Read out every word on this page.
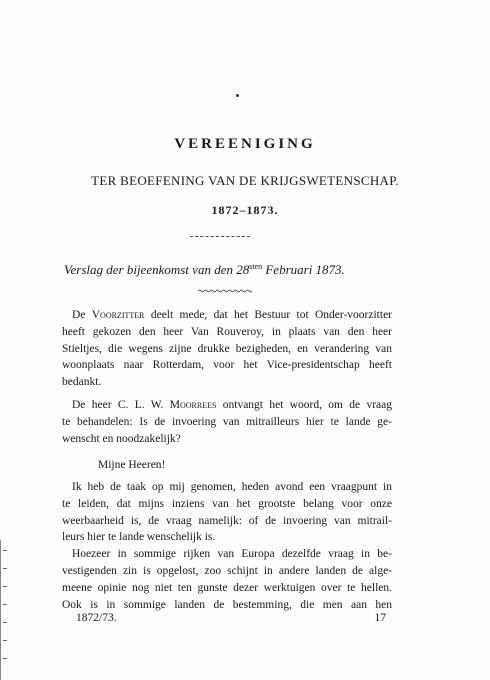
VEREENIGING
TER BEOEFENING VAN DE KRIJGSWETENSCHAP.
1872–1873.
Verslag der bijeenkomst van den $28^{sten}$ Februari 1873.
De Voorzitter deelt mede, dat het Bestuur tot Onder-voorzitter
heeft gekozen den heer Van Rouveroy, in plaats van den heer
Stieltjes, die wegens zijne drukke bezigheden, en verandering van
woonplaats naar Rotterdam, voor het Vice-presidentschap heeft
bedankt.
De heer C. L. W. Moorrees ontvangt het woord, om de vraag
te behandelen: Is de invoering van mitrailleurs hier te lande ge-
wenscht en noodzakelijk?
Mijne Heeren!
Ik heb de taak op mij genomen, heden avond een vraagpunt in
te leiden, dat mijns inziens van het grootste belang voor onze
weerbaarheid is, de vraag namelijk: of de invoering van mitrail-
leurs hier te lande wenschelijk is.
Hoezeer in sommige rijken van Europa dezelfde vraag in be-
vestigenden zin is opgelost, zoo schijnt in andere landen de alge-
meene opinie nog niet ten gunste dezer werktuigen over te hellen.
Ook is in sommige landen de bestemming, die men aan hen
1872/73.	17
